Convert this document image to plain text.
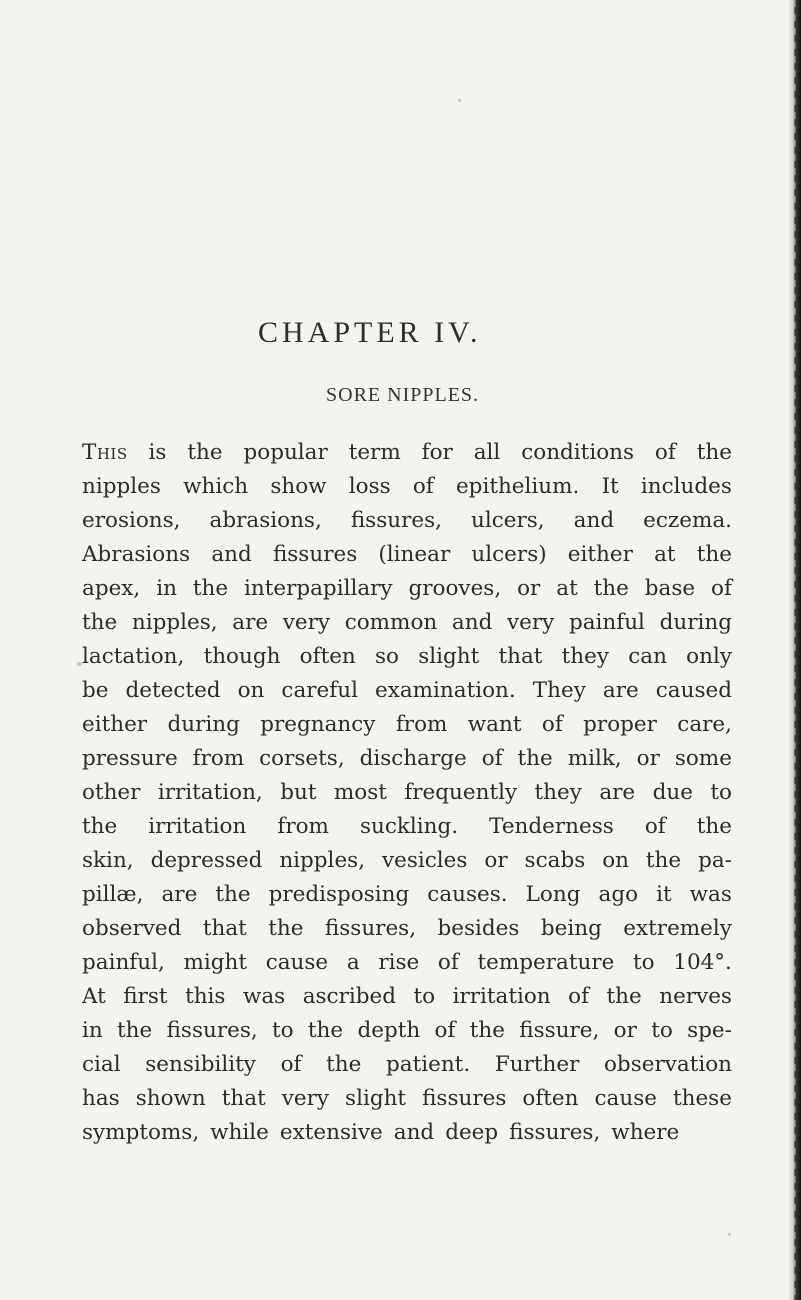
CHAPTER IV.
SORE NIPPLES.
This is the popular term for all conditions of the
nipples which show loss of epithelium. It includes
erosions, abrasions, fissures, ulcers, and eczema.
Abrasions and fissures (linear ulcers) either at the
apex, in the interpapillary grooves, or at the base of
the nipples, are very common and very painful during
lactation, though often so slight that they can only
be detected on careful examination. They are caused
either during pregnancy from want of proper care,
pressure from corsets, discharge of the milk, or some
other irritation, but most frequently they are due to
the irritation from suckling. Tenderness of the
skin, depressed nipples, vesicles or scabs on the pa-
pillæ, are the predisposing causes. Long ago it was
observed that the fissures, besides being extremely
painful, might cause a rise of temperature to 104°.
At first this was ascribed to irritation of the nerves
in the fissures, to the depth of the fissure, or to spe-
cial sensibility of the patient. Further observation
has shown that very slight fissures often cause these
symptoms, while extensive and deep fissures, where
